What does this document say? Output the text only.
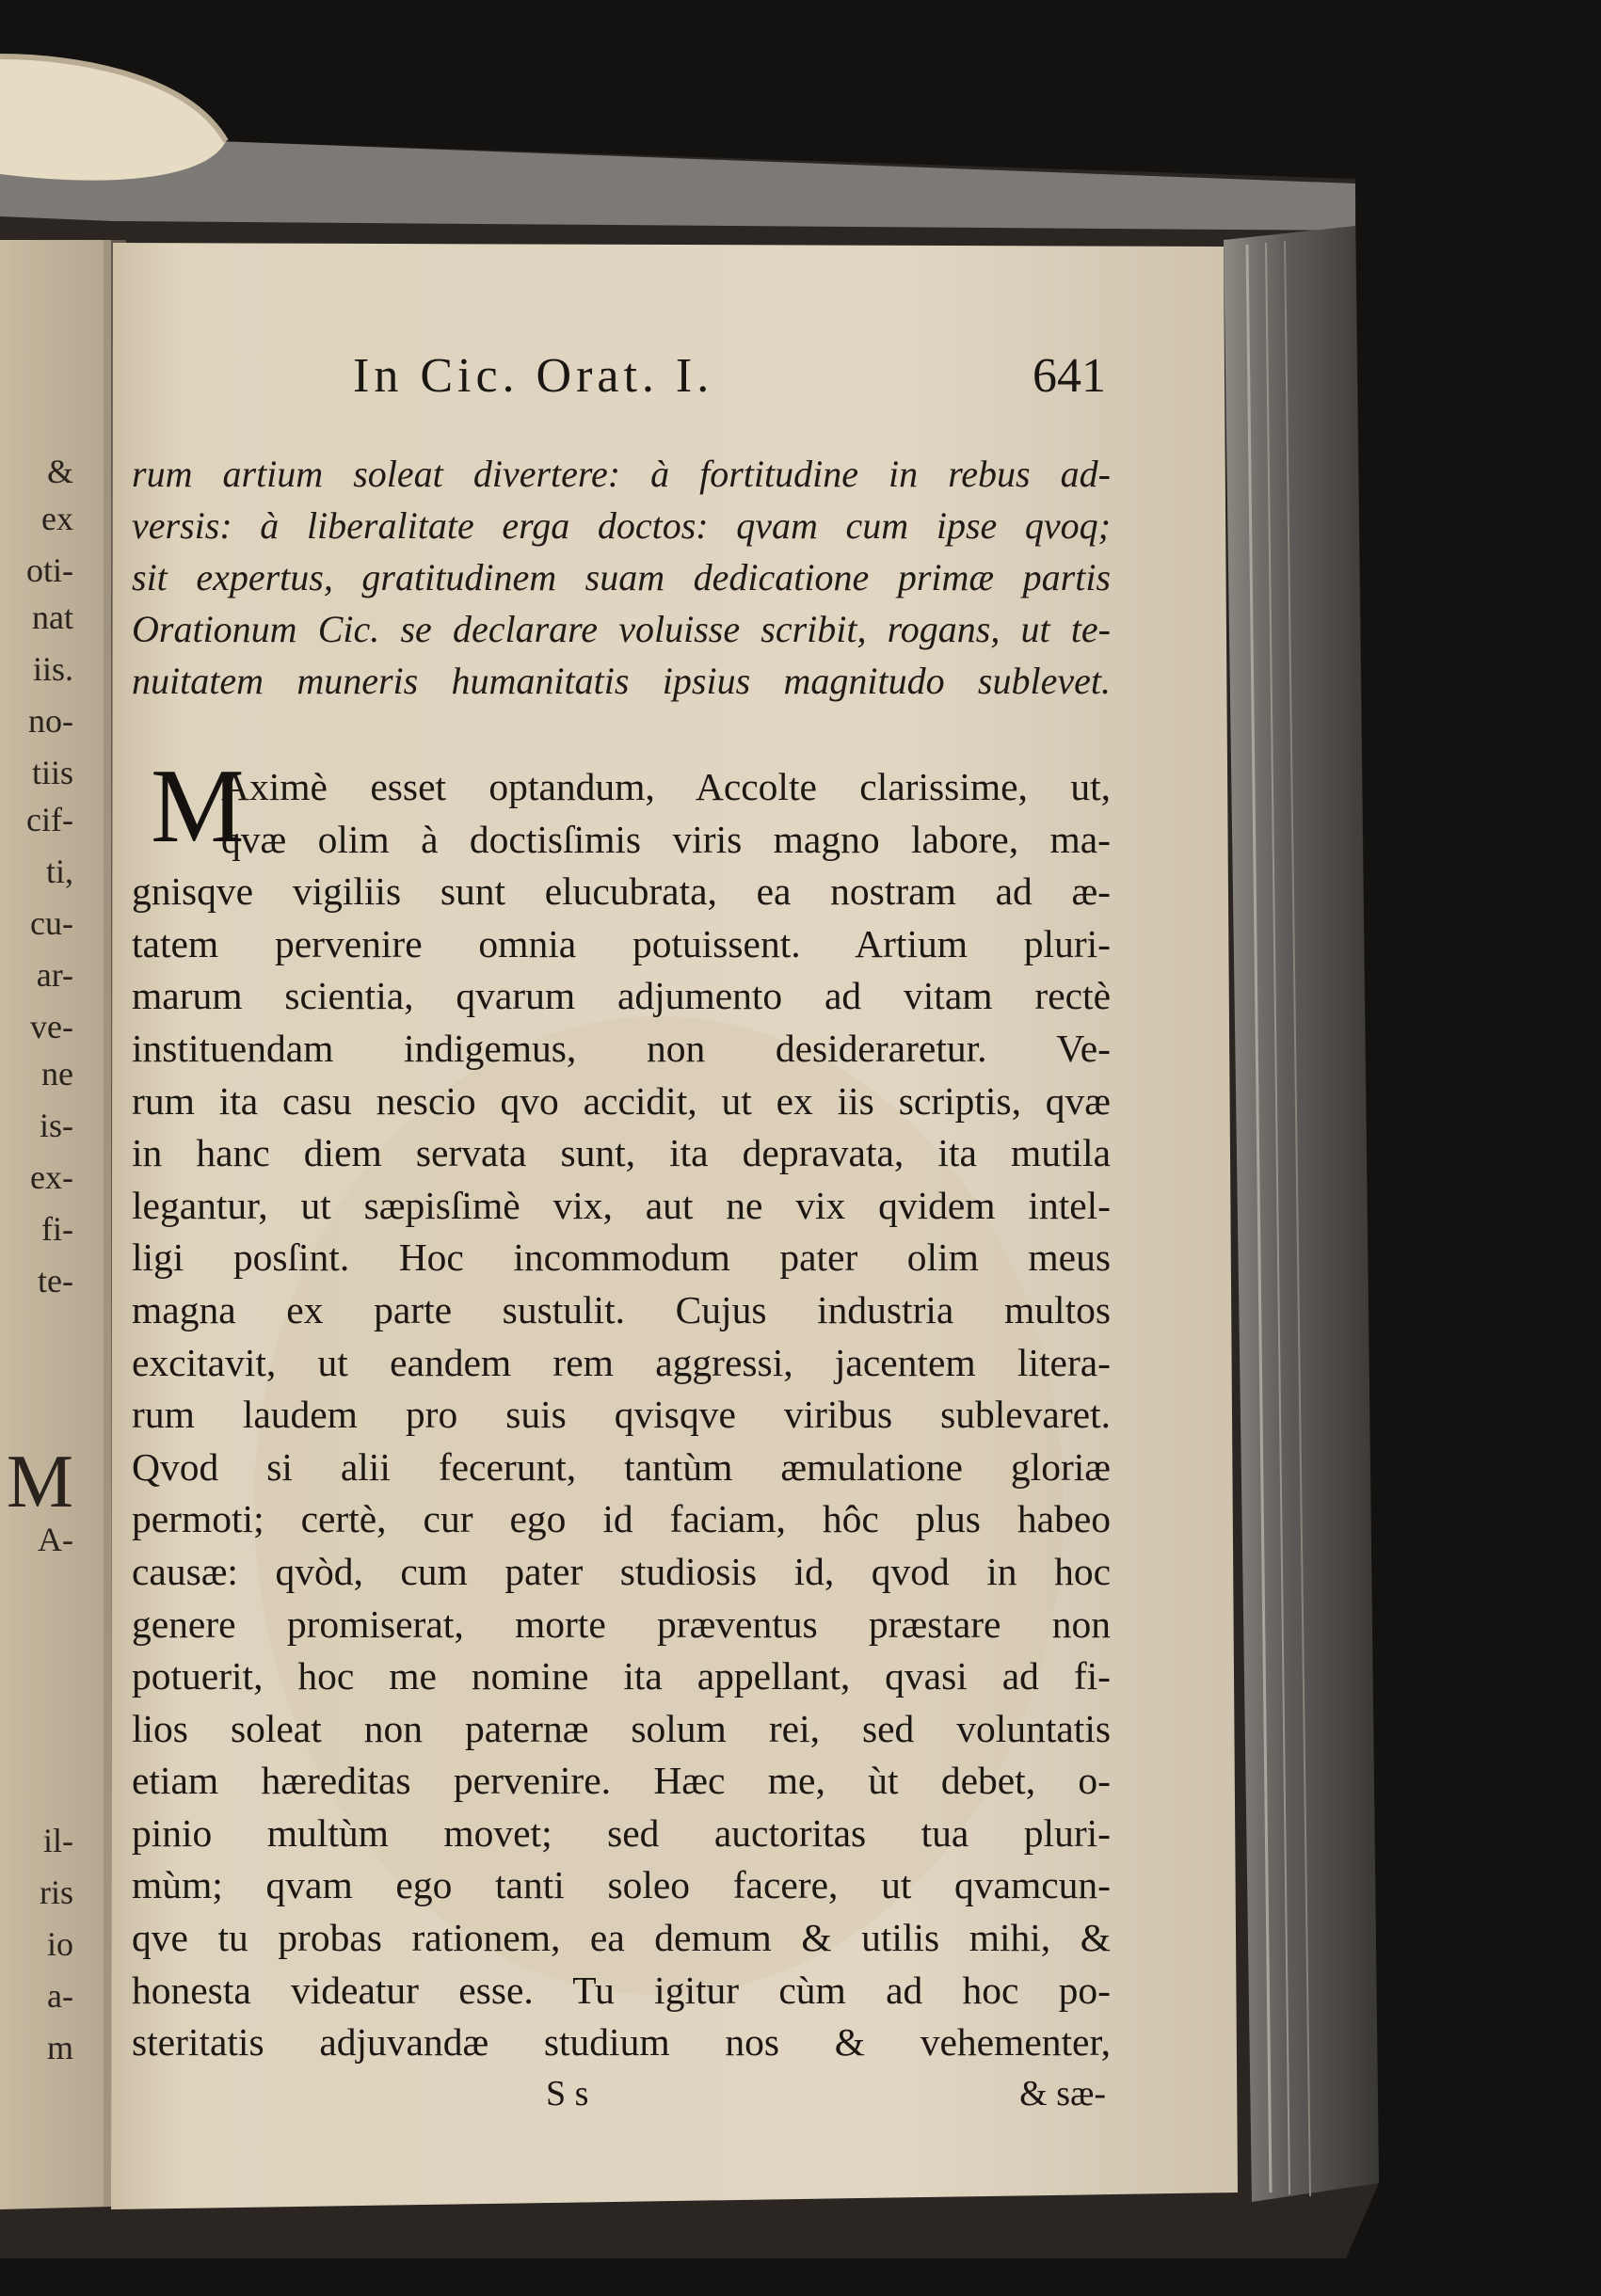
&
ex
oti-
nat
iis.
no-
tiis
cif-
ti,
cu-
ar-
ve-
ne
is-
ex-
fi-
te-
M
A-
il-
ris
io
a-
m
In Cic. Orat. I.	641
rum artium soleat divertere: à fortitudine in rebus ad-
versis: à liberalitate erga doctos: qvam cum ipse qvoq;
sit expertus, gratitudinem suam dedicatione primæ partis
Orationum Cic. se declarare voluisse scribit, rogans, ut te-
nuitatem muneris humanitatis ipsius magnitudo sublevet.
M
Aximè esset optandum, Accolte clarissime, ut,
qvæ olim à doctisſimis viris magno labore, ma-
gnisqve vigiliis sunt elucubrata, ea nostram ad æ-
tatem pervenire omnia potuissent. Artium pluri-
marum scientia, qvarum adjumento ad vitam rectè
instituendam indigemus, non desideraretur. Ve-
rum ita casu nescio qvo accidit, ut ex iis scriptis, qvæ
in hanc diem servata sunt, ita depravata, ita mutila
legantur, ut sæpisſimè vix, aut ne vix qvidem intel-
ligi posſint. Hoc incommodum pater olim meus
magna ex parte sustulit. Cujus industria multos
excitavit, ut eandem rem aggressi, jacentem litera-
rum laudem pro suis qvisqve viribus sublevaret.
Qvod si alii fecerunt, tantùm æmulatione gloriæ
permoti; certè, cur ego id faciam, hôc plus habeo
causæ: qvòd, cum pater studiosis id, qvod in hoc
genere promiserat, morte præventus præstare non
potuerit, hoc me nomine ita appellant, qvasi ad fi-
lios soleat non paternæ solum rei, sed voluntatis
etiam hæreditas pervenire. Hæc me, ùt debet, o-
pinio multùm movet; sed auctoritas tua pluri-
mùm; qvam ego tanti soleo facere, ut qvamcun-
qve tu probas rationem, ea demum & utilis mihi, &
honesta videatur esse. Tu igitur cùm ad hoc po-
steritatis adjuvandæ studium nos & vehementer,
S s	& sæ-
